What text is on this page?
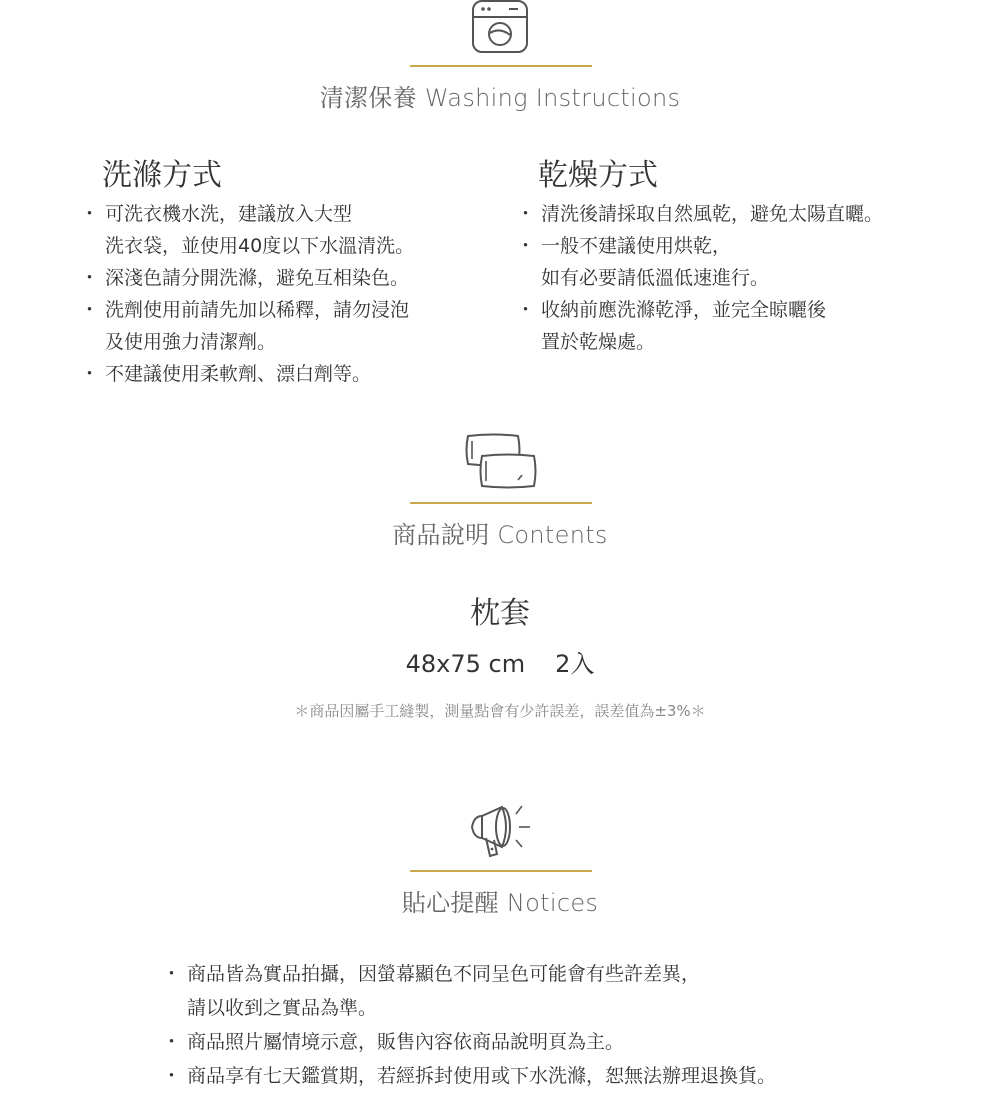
清潔保養 Washing Instructions
洗滌方式
・ 可洗衣機水洗，建議放入大型
洗衣袋，並使用40度以下水溫清洗。
・ 深淺色請分開洗滌，避免互相染色。
・ 洗劑使用前請先加以稀釋，請勿浸泡
及使用強力清潔劑。
・ 不建議使用柔軟劑、漂白劑等。
乾燥方式
・ 清洗後請採取自然風乾，避免太陽直曬。
・ 一般不建議使用烘乾，
如有必要請低溫低速進行。
・ 收納前應洗滌乾淨，並完全晾曬後
置於乾燥處。
商品說明 Contents
枕套
48x75 cm 2入
＊商品因屬手工縫製，測量點會有少許誤差，誤差值為±3%＊
貼心提醒 Notices
・ 商品皆為實品拍攝，因螢幕顯色不同呈色可能會有些許差異，
請以收到之實品為準。
・ 商品照片屬情境示意，販售內容依商品說明頁為主。
・ 商品享有七天鑑賞期，若經拆封使用或下水洗滌，恕無法辦理退換貨。
